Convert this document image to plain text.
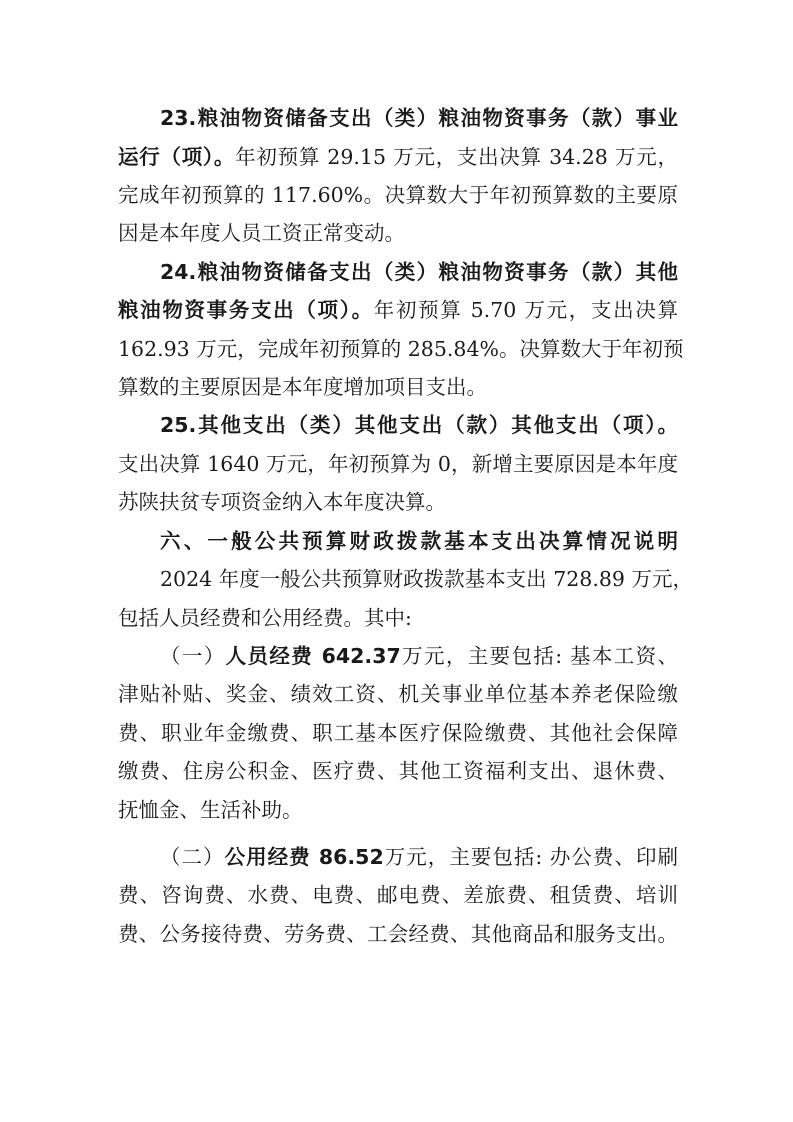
23.粮油物资储备支出（类）粮油物资事务（款）事业
运行（项）。年初预算 29.15 万元，支出决算 34.28 万元，
完成年初预算的 117.60%。决算数大于年初预算数的主要原
因是本年度人员工资正常变动。
24.粮油物资储备支出（类）粮油物资事务（款）其他
粮油物资事务支出（项）。年初预算 5.70 万元，支出决算
162.93 万元，完成年初预算的 285.84%。决算数大于年初预
算数的主要原因是本年度增加项目支出。
25.其他支出（类）其他支出（款）其他支出（项）。
支出决算 1640 万元，年初预算为 0，新增主要原因是本年度
苏陕扶贫专项资金纳入本年度决算。
六、一般公共预算财政拨款基本支出决算情况说明
2024 年度一般公共预算财政拨款基本支出 728.89 万元，
包括人员经费和公用经费。其中:
（一）人员经费 642.37万元，主要包括: 基本工资、
津贴补贴、奖金、绩效工资、机关事业单位基本养老保险缴
费、职业年金缴费、职工基本医疗保险缴费、其他社会保障
缴费、住房公积金、医疗费、其他工资福利支出、退休费、
抚恤金、生活补助。
（二）公用经费 86.52万元，主要包括: 办公费、印刷
费、咨询费、水费、电费、邮电费、差旅费、租赁费、培训
费、公务接待费、劳务费、工会经费、其他商品和服务支出。
